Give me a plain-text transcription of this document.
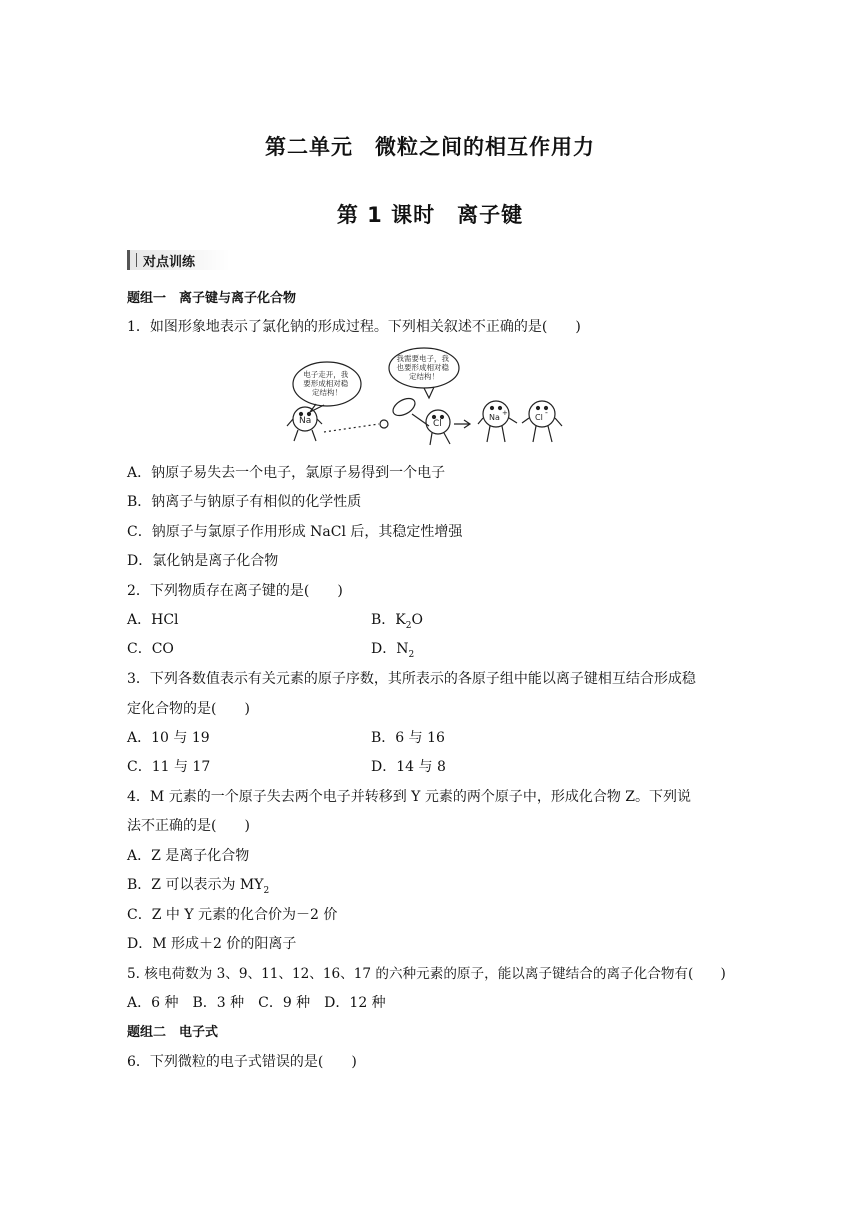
第二单元　微粒之间的相互作用力
第 1 课时　离子键
对点训练
题组一　离子键与离子化合物
1．如图形象地表示了氯化钠的形成过程。下列相关叙述不正确的是(　　)
电子走开，我 要形成相对稳 定结构！
我需要电子，我 也要形成相对稳 定结构！
Na	Cl
Na +	Cl
-
A．钠原子易失去一个电子，氯原子易得到一个电子
B．钠离子与钠原子有相似的化学性质
C．钠原子与氯原子作用形成 NaCl 后，其稳定性增强
D．氯化钠是离子化合物
2．下列物质存在离子键的是(　　)
A．HCl	B．$K_2O$
C．CO	D．$N_2$
3．下列各数值表示有关元素的原子序数，其所表示的各原子组中能以离子键相互结合形成稳
定化合物的是(　　)
A．10 与 19	B．6 与 16
C．11 与 17	D．14 与 8
4．M 元素的一个原子失去两个电子并转移到 Y 元素的两个原子中，形成化合物 Z。下列说
法不正确的是(　　)
A．Z 是离子化合物
B．Z 可以表示为 $MY_2$
C．Z 中 Y 元素的化合价为－2 价
D．M 形成＋2 价的阳离子
5. 核电荷数为 3、9、11、12、16、17 的六种元素的原子，能以离子键结合的离子化合物有(　　)
A．6 种　B．3 种　C．9 种　D．12 种
题组二　电子式
6．下列微粒的电子式错误的是(　　)
